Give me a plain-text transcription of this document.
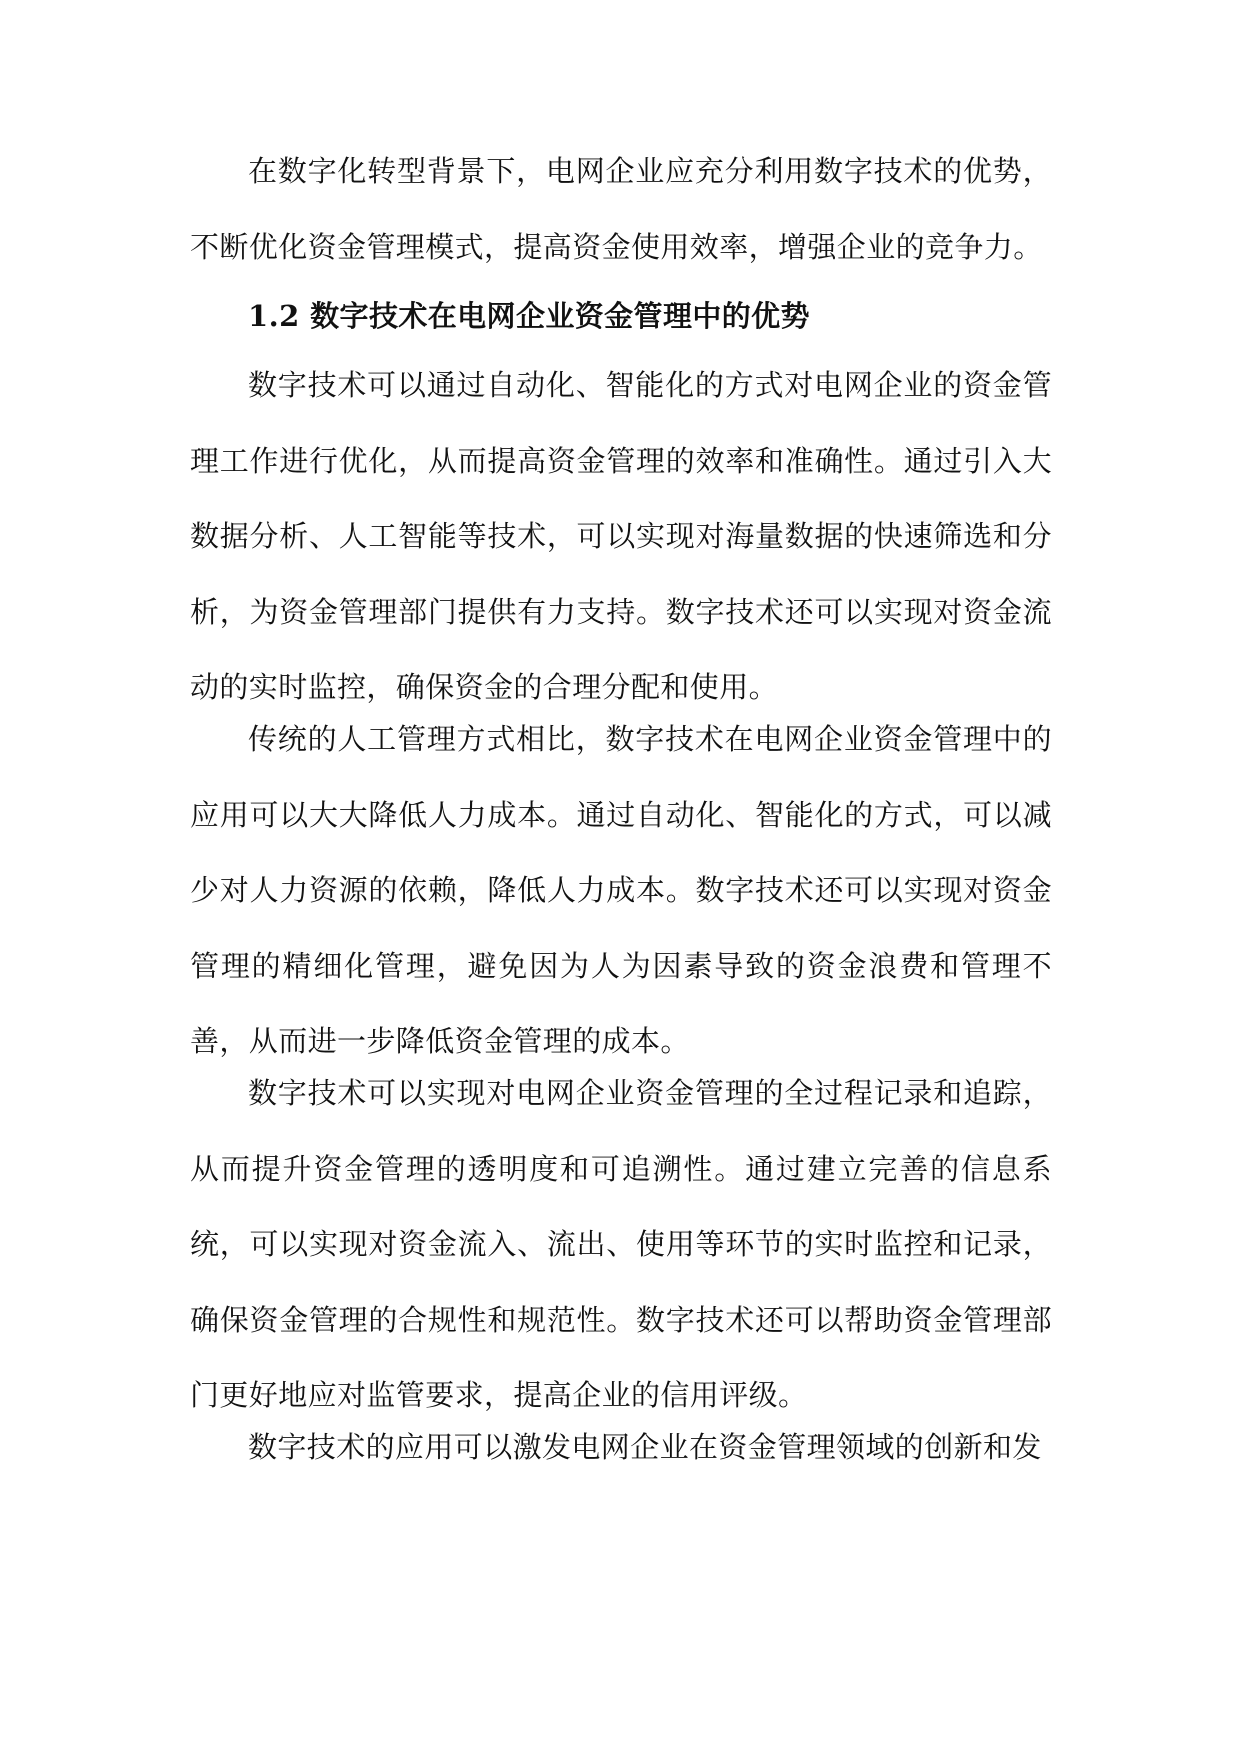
在数字化转型背景下，电网企业应充分利用数字技术的优势，不断优化资金管理模式，提高资金使用效率，增强企业的竞争力。

1.2 数字技术在电网企业资金管理中的优势

数字技术可以通过自动化、智能化的方式对电网企业的资金管理工作进行优化，从而提高资金管理的效率和准确性。通过引入大数据分析、人工智能等技术，可以实现对海量数据的快速筛选和分析，为资金管理部门提供有力支持。数字技术还可以实现对资金流动的实时监控，确保资金的合理分配和使用。

传统的人工管理方式相比，数字技术在电网企业资金管理中的应用可以大大降低人力成本。通过自动化、智能化的方式，可以减少对人力资源的依赖，降低人力成本。数字技术还可以实现对资金管理的精细化管理，避免因为人为因素导致的资金浪费和管理不善，从而进一步降低资金管理的成本。

数字技术可以实现对电网企业资金管理的全过程记录和追踪，从而提升资金管理的透明度和可追溯性。通过建立完善的信息系统，可以实现对资金流入、流出、使用等环节的实时监控和记录，确保资金管理的合规性和规范性。数字技术还可以帮助资金管理部门更好地应对监管要求，提高企业的信用评级。

数字技术的应用可以激发电网企业在资金管理领域的创新和发
